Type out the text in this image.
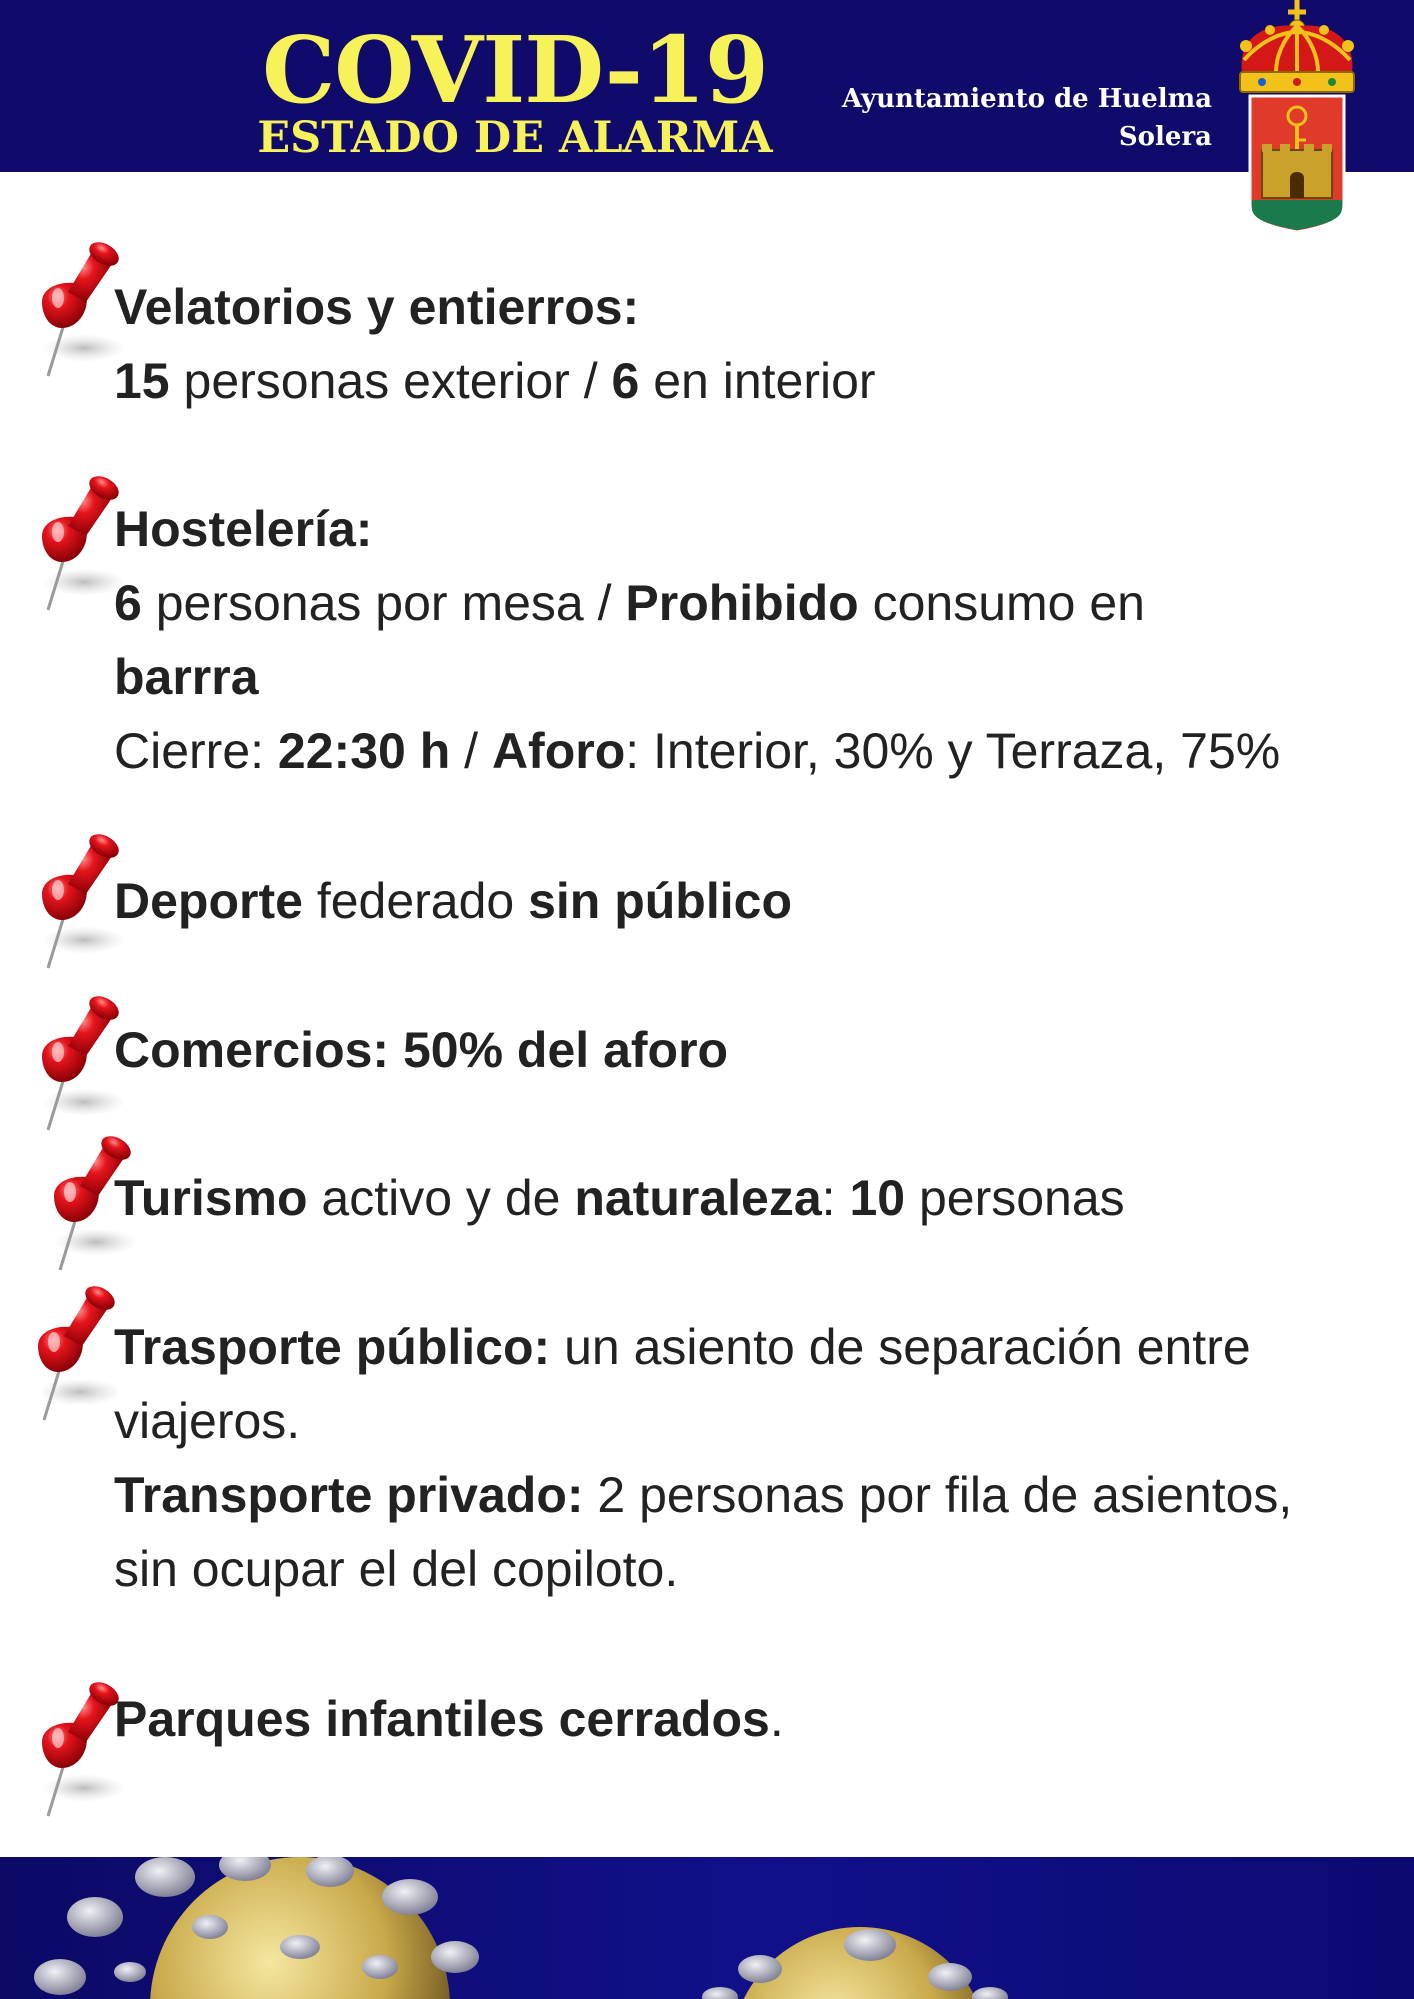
COVID-19
ESTADO DE ALARMA
Ayuntamiento de Huelma
Solera
Velatorios y entierros:
15 personas exterior / 6 en interior
Hostelería:
6 personas por mesa / Prohibido consumo en
barrra
Cierre: 22:30 h / Aforo: Interior, 30% y Terraza, 75%
Deporte federado sin público
Comercios: 50% del aforo
Turismo activo y de naturaleza: 10 personas
Trasporte público: un asiento de separación entre
viajeros.
Transporte privado: 2 personas por fila de asientos,
sin ocupar el del copiloto.
Parques infantiles cerrados.
